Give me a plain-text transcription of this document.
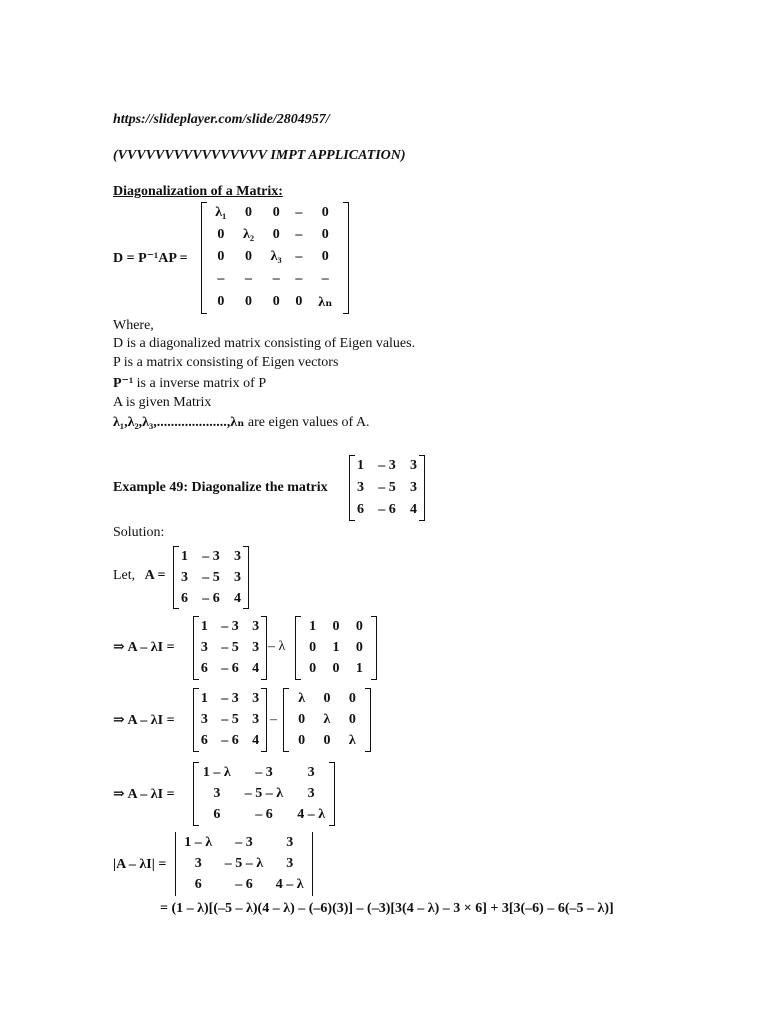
https://slideplayer.com/slide/2804957/
(VVVVVVVVVVVVVVVV IMPT APPLICATION)
Diagonalization of a Matrix:
D = P⁻¹AP =
λ₁	0	0	–	0
0	λ₂	0	–	0
0	0	λ₃	–	0
–	–	–	–	–
0	0	0	0	λₙ
Where,
D is a diagonalized matrix consisting of Eigen values.
P is a matrix consisting of Eigen vectors
P⁻¹ is a inverse matrix of P
A is given Matrix
λ₁,λ₂,λ₃,....................,λₙ are eigen values of A.
Example 49: Diagonalize the matrix
1	– 3	3
3	– 5	3
6	– 6	4
Solution:
Let, A =
1	– 3	3
3	– 5	3
6	– 6	4
⇒ A – λI =
1	– 3	3
3	– 5	3
6	– 6	4
– λ
1	0	0
0	1	0
0	0	1
⇒ A – λI =
1	– 3	3
3	– 5	3
6	– 6	4
–
λ	0	0
0	λ	0
0	0	λ
⇒ A – λI =
1 – λ	– 3	3
3	– 5 – λ	3
6	– 6	4 – λ
|A – λI| =
1 – λ	– 3	3
3	– 5 – λ	3
6	– 6	4 – λ
= (1 – λ)[(–5 – λ)(4 – λ) – (–6)(3)] – (–3)[3(4 – λ) – 3 × 6] + 3[3(–6) – 6(–5 – λ)]
